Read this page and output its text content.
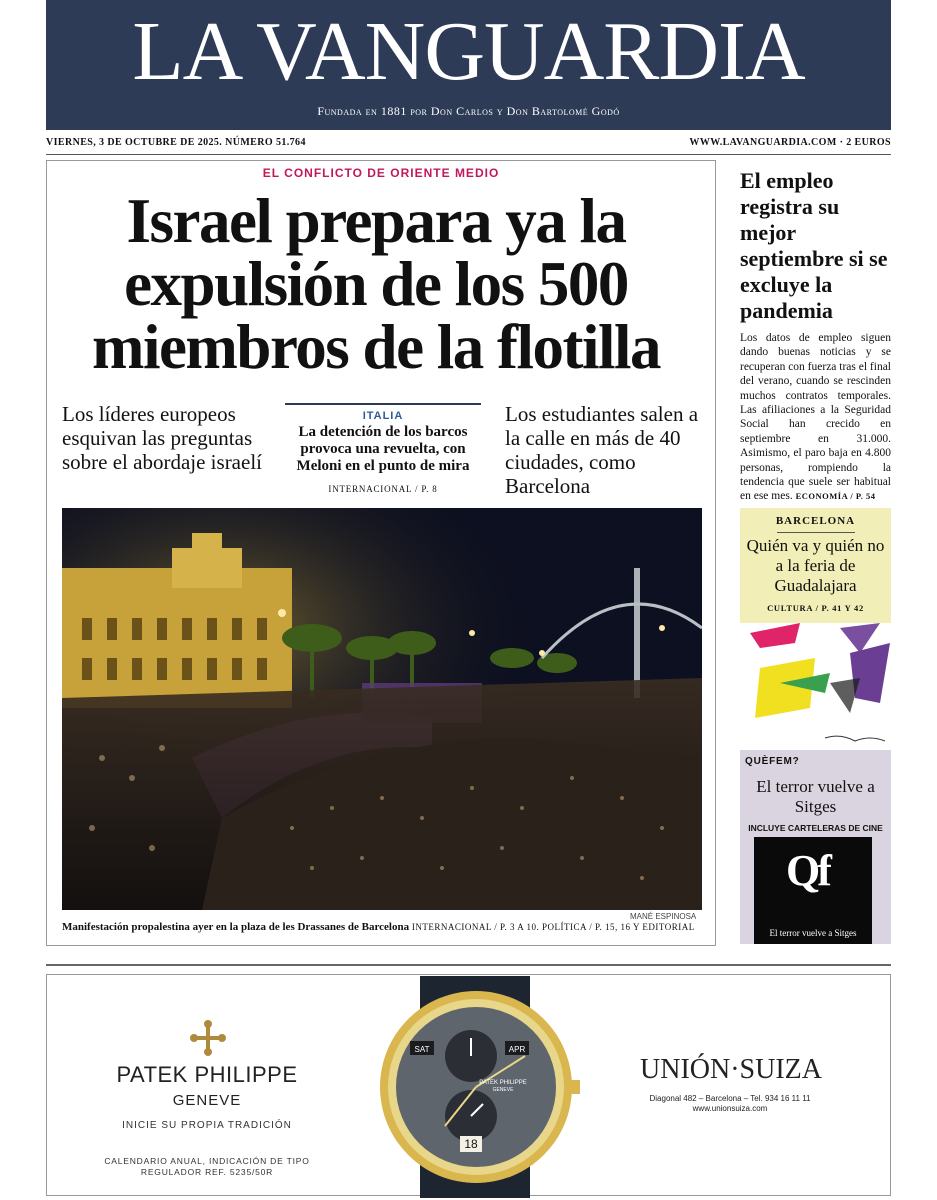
LA VANGUARDIA
Fundada en 1881 por Don Carlos y Don Bartolomé Godó
VIERNES, 3 DE OCTUBRE DE 2025. NÚMERO 51.764	WWW.LAVANGUARDIA.COM · 2 EUROS
EL CONFLICTO DE ORIENTE MEDIO
Israel prepara ya la expulsión de los 500 miembros de la flotilla
Los líderes europeos esquivan las preguntas sobre el abordaje israelí
ITALIA
La detención de los barcos provoca una revuelta, con Meloni en el punto de mira
INTERNACIONAL / P. 8
Los estudiantes salen a la calle en más de 40 ciudades, como Barcelona
MANÉ ESPINOSA
Manifestación propalestina ayer en la plaza de les Drassanes de Barcelona INTERNACIONAL / P. 3 A 10. POLÍTICA / P. 15, 16 Y EDITORIAL
El empleo registra su mejor septiembre si se excluye la pandemia
Los datos de empleo siguen dando buenas noticias y se recuperan con fuerza tras el final del verano, cuando se rescinden muchos contratos temporales. Las afiliaciones a la Seguridad Social han crecido en septiembre en 31.000. Asimismo, el paro baja en 4.800 personas, rompiendo la tendencia que suele ser habitual en ese mes. ECONOMÍA / P. 54
BARCELONA
Quién va y quién no a la feria de Guadalajara
CULTURA / P. 41 Y 42
QUÈFEM?
El terror vuelve a Sitges
INCLUYE CARTELERAS DE CINE
Qf
El terror vuelve a Sitges
PATEK PHILIPPE
GENEVE
INICIE SU PROPIA TRADICIÓN
CALENDARIO ANUAL, INDICACIÓN DE TIPO
REGULADOR REF. 5235/50R
SAT	APR
18
PATEK PHILIPPE
GENEVE
UNIÓN·SUIZA
Diagonal 482 – Barcelona – Tel. 934 16 11 11
www.unionsuiza.com
